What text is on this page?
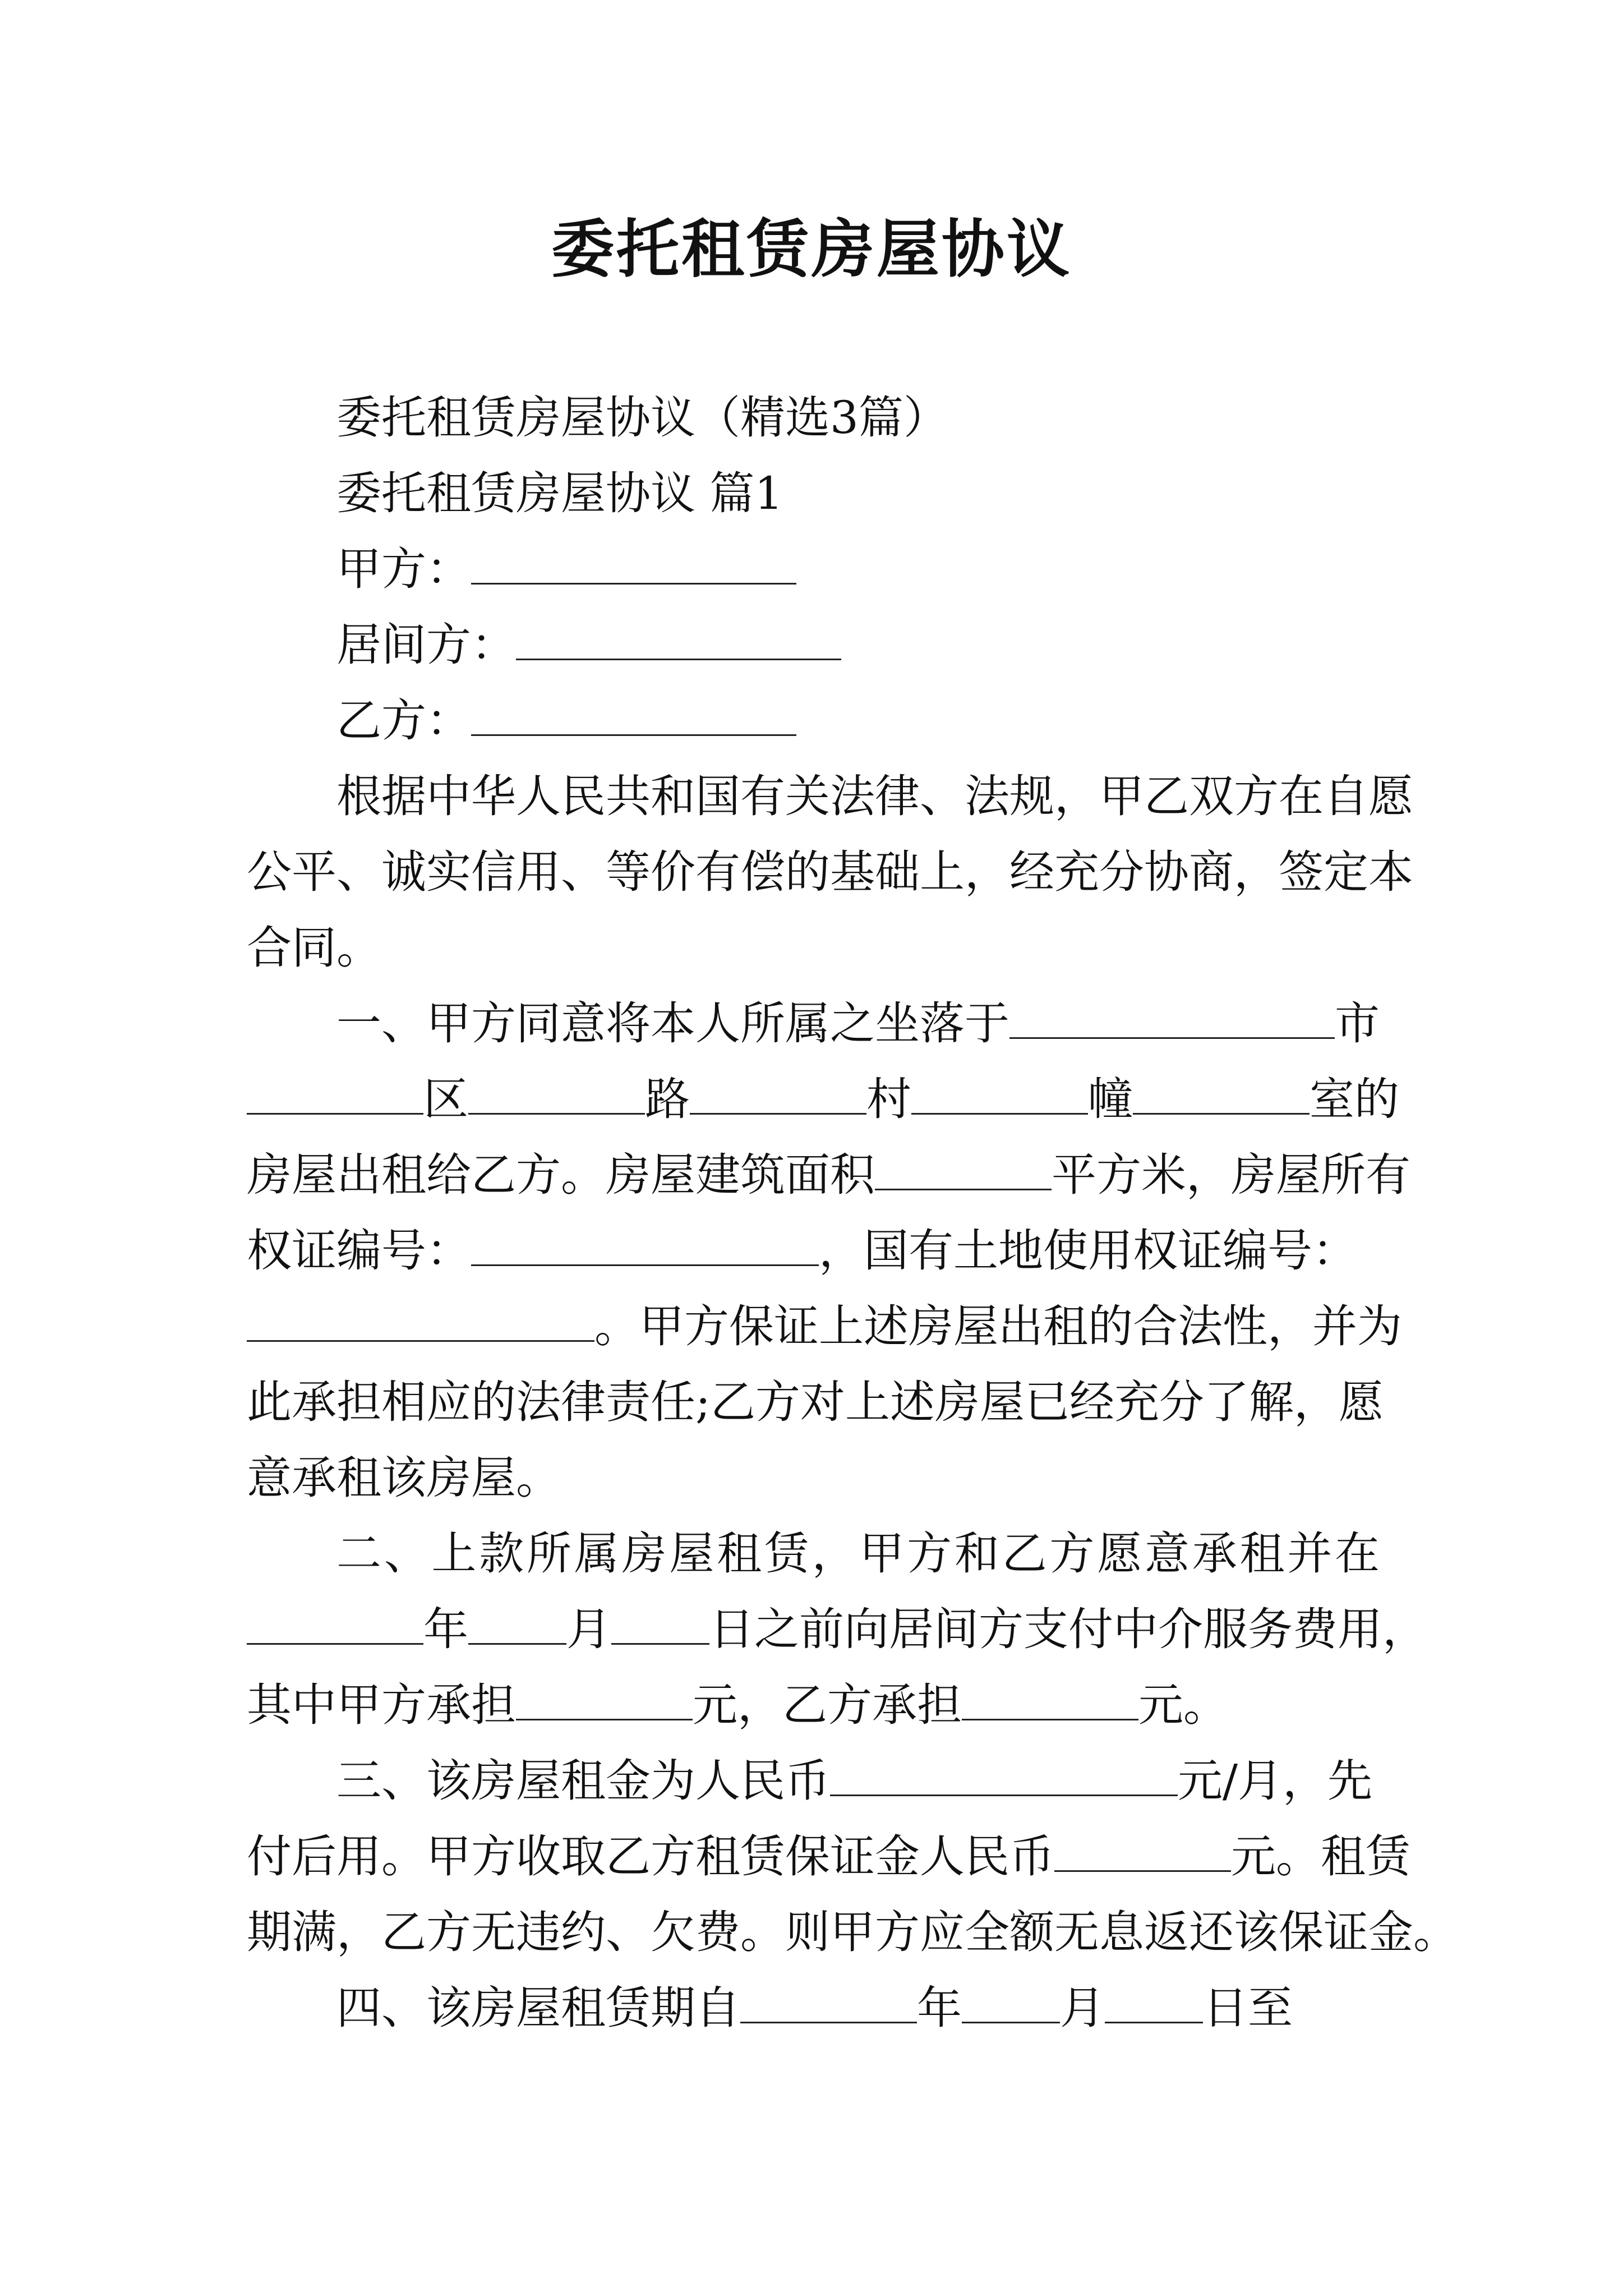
委托租赁房屋协议
委托租赁房屋协议（精选3篇）
委托租赁房屋协议 篇1
甲方：
居间方：
乙方：
根据中华人民共和国有关法律、法规，甲乙双方在自愿
公平、诚实信用、等价有偿的基础上，经充分协商，签定本
合同。
一、甲方同意将本人所属之坐落于	市
区	路	村	幢	室的
房屋出租给乙方。房屋建筑面积	平方米，房屋所有
权证编号：	，国有土地使用权证编号：
。甲方保证上述房屋出租的合法性，并为
此承担相应的法律责任;乙方对上述房屋已经充分了解，愿
意承租该房屋。
二、上款所属房屋租赁，甲方和乙方愿意承租并在
年 月 日之前向居间方支付中介服务费用，
其中甲方承担	元，乙方承担	元。
三、该房屋租金为人民币	元/月，先
付后用。甲方收取乙方租赁保证金人民币	元。租赁
期满，乙方无违约、欠费。则甲方应全额无息返还该保证金。
四、该房屋租赁期自	年 月 日至
